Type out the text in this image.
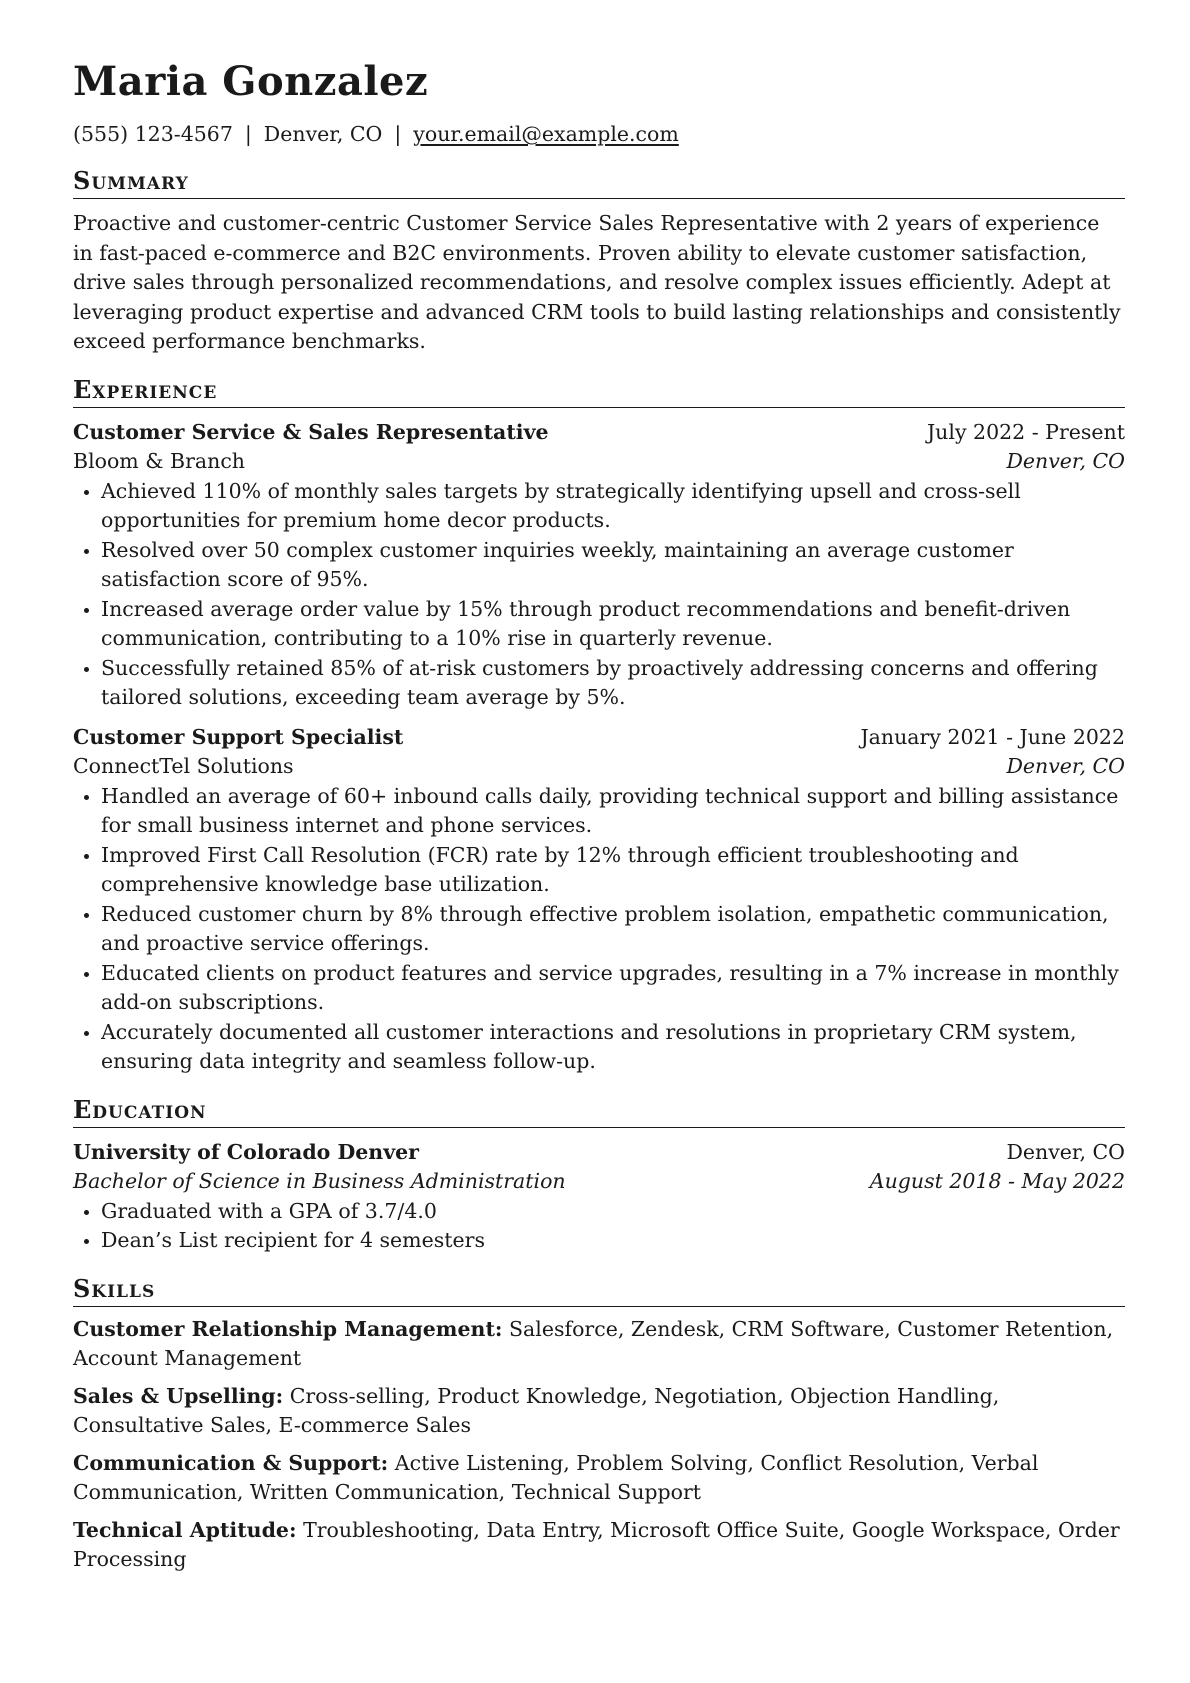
Maria Gonzalez
(555) 123-4567 | Denver, CO | your.email@example.com
Summary
Proactive and customer-centric Customer Service Sales Representative with 2 years of experience in fast-paced e-commerce and B2C environments. Proven ability to elevate customer satisfaction, drive sales through personalized recommendations, and resolve complex issues efficiently. Adept at leveraging product expertise and advanced CRM tools to build lasting relationships and consistently exceed performance benchmarks.
Experience
Customer Service & Sales Representative	July 2022 - Present
Bloom & Branch	Denver, CO
• Achieved 110% of monthly sales targets by strategically identifying upsell and cross-sell opportunities for premium home decor products.
• Resolved over 50 complex customer inquiries weekly, maintaining an average customer satisfaction score of 95%.
• Increased average order value by 15% through product recommendations and benefit-driven communication, contributing to a 10% rise in quarterly revenue.
• Successfully retained 85% of at-risk customers by proactively addressing concerns and offering tailored solutions, exceeding team average by 5%.
Customer Support Specialist	January 2021 - June 2022
ConnectTel Solutions	Denver, CO
• Handled an average of 60+ inbound calls daily, providing technical support and billing assistance for small business internet and phone services.
• Improved First Call Resolution (FCR) rate by 12% through efficient troubleshooting and comprehensive knowledge base utilization.
• Reduced customer churn by 8% through effective problem isolation, empathetic communication, and proactive service offerings.
• Educated clients on product features and service upgrades, resulting in a 7% increase in monthly add-on subscriptions.
• Accurately documented all customer interactions and resolutions in proprietary CRM system, ensuring data integrity and seamless follow-up.
Education
University of Colorado Denver	Denver, CO
Bachelor of Science in Business Administration	August 2018 - May 2022
• Graduated with a GPA of 3.7/4.0
• Dean’s List recipient for 4 semesters
Skills
Customer Relationship Management: Salesforce, Zendesk, CRM Software, Customer Retention, Account Management
Sales & Upselling: Cross-selling, Product Knowledge, Negotiation, Objection Handling, Consultative Sales, E-commerce Sales
Communication & Support: Active Listening, Problem Solving, Conflict Resolution, Verbal Communication, Written Communication, Technical Support
Technical Aptitude: Troubleshooting, Data Entry, Microsoft Office Suite, Google Workspace, Order Processing
